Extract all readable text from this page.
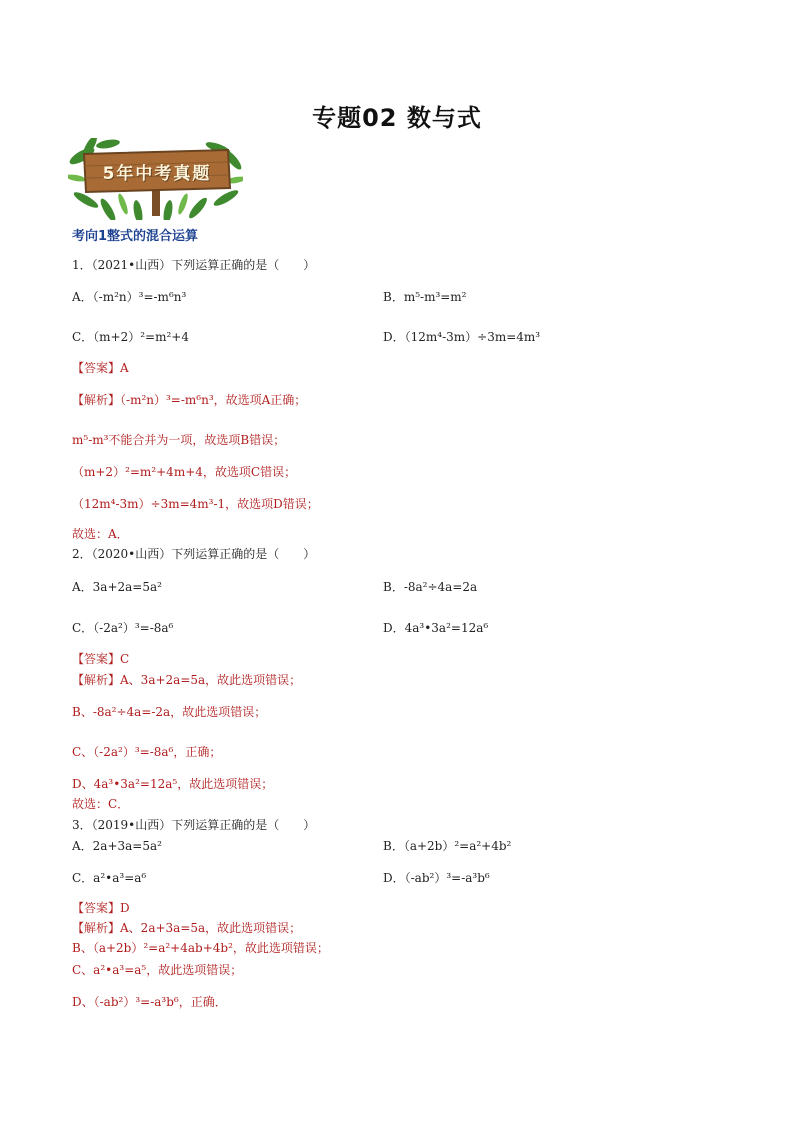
专题02 数与式
5年中考真题
考向1整式的混合运算
1．（2021•山西）下列运算正确的是（　　）
A．（-m²n）³=-m⁶n³	B．m⁵-m³=m²
C．（m+2）²=m²+4	D．（12m⁴-3m）÷3m=4m³
【答案】A
【解析】（-m²n）³=-m⁶n³，故选项A正确；
m⁵-m³不能合并为一项，故选项B错误；
（m+2）²=m²+4m+4，故选项C错误；
（12m⁴-3m）÷3m=4m³-1，故选项D错误；
故选：A．
2．（2020•山西）下列运算正确的是（　　）
A．3a+2a=5a²	B．-8a²÷4a=2a
C．（-2a²）³=-8a⁶	D．4a³•3a²=12a⁶
【答案】C
【解析】A、3a+2a=5a，故此选项错误；
B、-8a²÷4a=-2a，故此选项错误；
C、（-2a²）³=-8a⁶，正确；
D、4a³•3a²=12a⁵，故此选项错误；
故选：C．
3．（2019•山西）下列运算正确的是（　　）
A．2a+3a=5a²	B．（a+2b）²=a²+4b²
C．a²•a³=a⁶	D．（-ab²）³=-a³b⁶
【答案】D
【解析】A、2a+3a=5a，故此选项错误；
B、（a+2b）²=a²+4ab+4b²，故此选项错误；
C、a²•a³=a⁵，故此选项错误；
D、（-ab²）³=-a³b⁶，正确．
